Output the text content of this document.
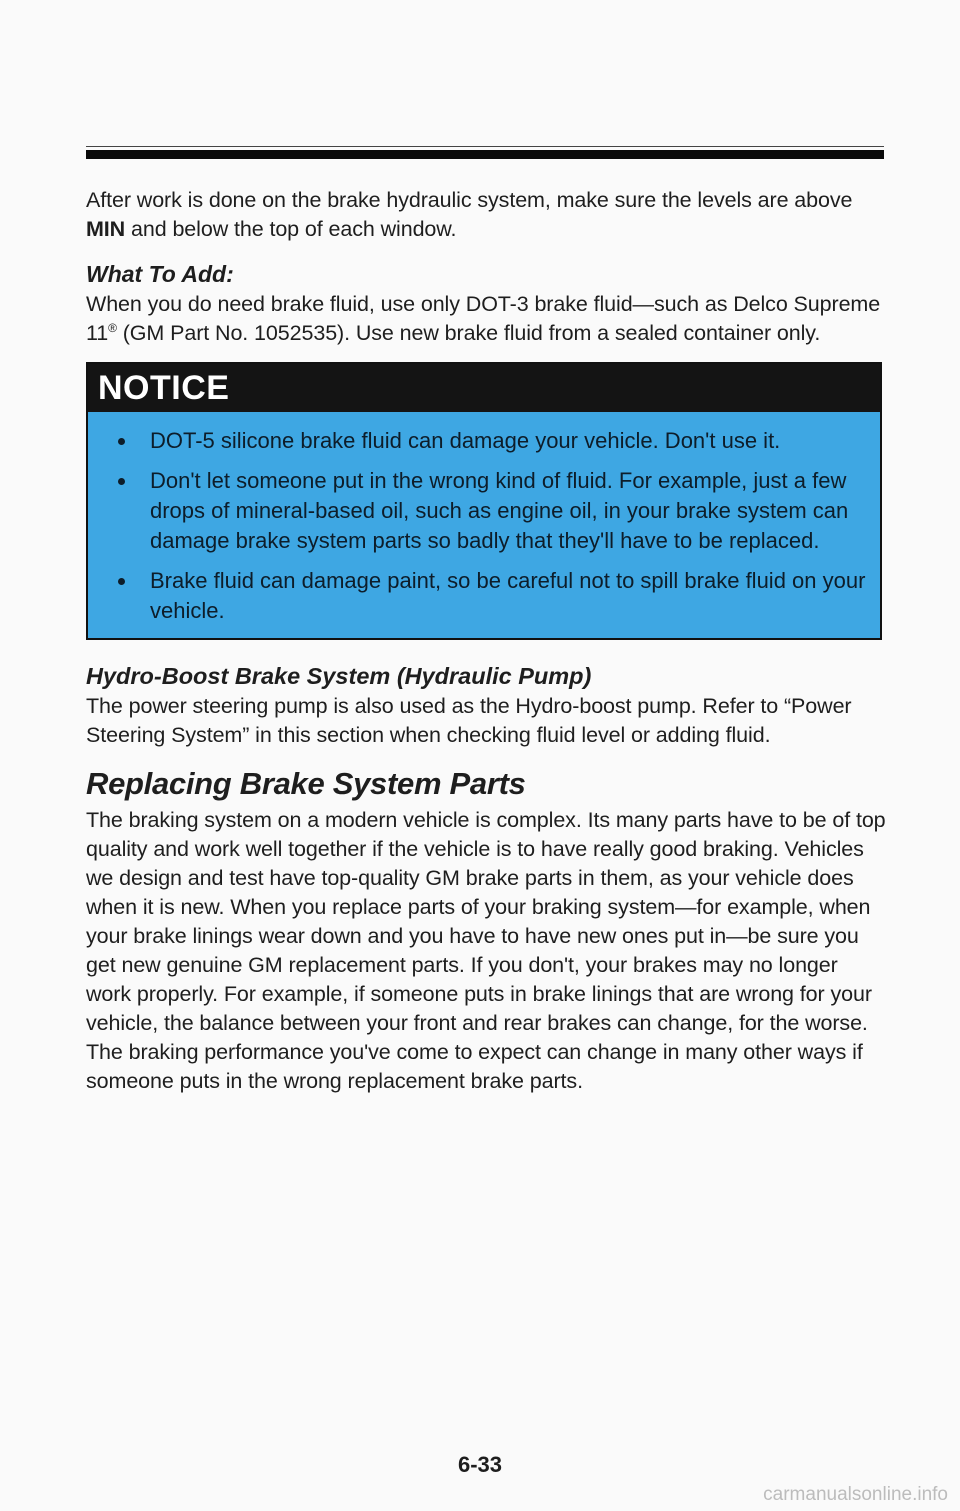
After work is done on the brake hydraulic system, make sure the levels are above MIN and below the top of each window.

What To Add:

When you do need brake fluid, use only DOT-3 brake fluid—such as Delco Supreme 11® (GM Part No. 1052535). Use new brake fluid from a sealed container only.

NOTICE
DOT-5 silicone brake fluid can damage your vehicle. Don't use it.
Don't let someone put in the wrong kind of fluid. For example, just a few drops of mineral-based oil, such as engine oil, in your brake system can damage brake system parts so badly that they'll have to be replaced.
Brake fluid can damage paint, so be careful not to spill brake fluid on your vehicle.
Hydro-Boost Brake System (Hydraulic Pump)

The power steering pump is also used as the Hydro-boost pump. Refer to “Power Steering System” in this section when checking fluid level or adding fluid.

Replacing Brake System Parts

The braking system on a modern vehicle is complex. Its many parts have to be of top quality and work well together if the vehicle is to have really good braking. Vehicles we design and test have top-quality GM brake parts in them, as your vehicle does when it is new. When you replace parts of your braking system—for example, when your brake linings wear down and you have to have new ones put in—be sure you get new genuine GM replacement parts. If you don't, your brakes may no longer work properly. For example, if someone puts in brake linings that are wrong for your vehicle, the balance between your front and rear brakes can change, for the worse. The braking performance you've come to expect can change in many other ways if someone puts in the wrong replacement brake parts.

6-33
carmanualsonline.info
